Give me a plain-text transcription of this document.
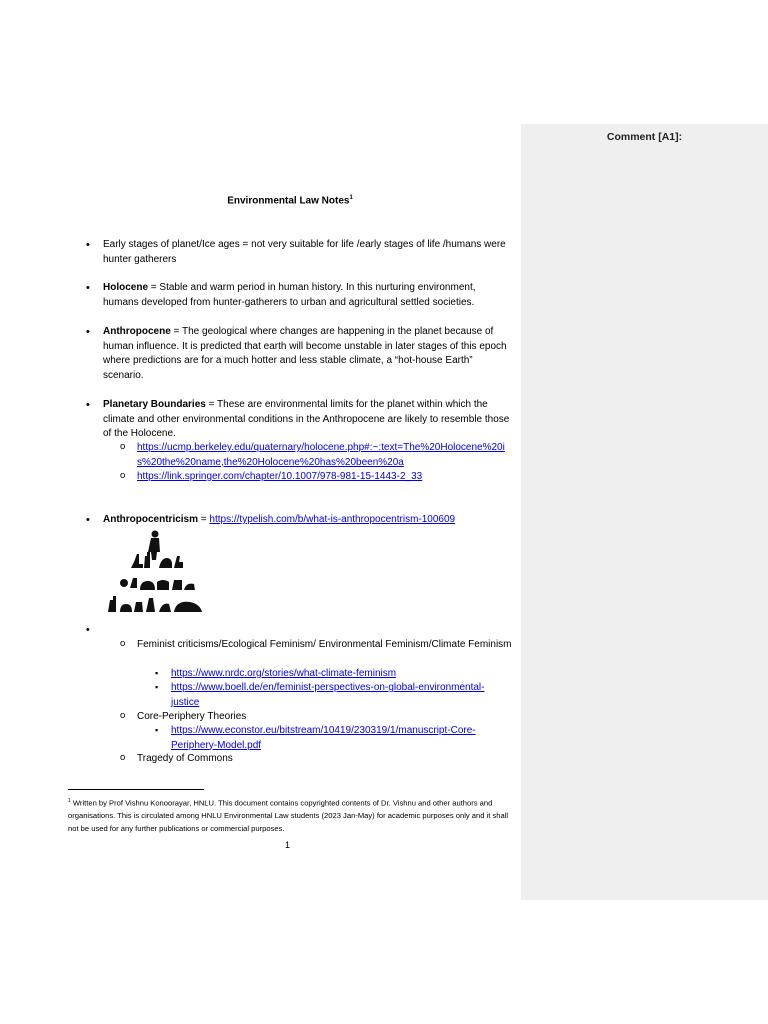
Environmental Law Notes$^1$
• Early stages of planet/Ice ages = not very suitable for life /early stages of life /humans were hunter gatherers
• Holocene = Stable and warm period in human history. In this nurturing environment, humans developed from hunter-gatherers to urban and agricultural settled societies.
• Anthropocene = The geological where changes are happening in the planet because of human influence. It is predicted that earth will become unstable in later stages of this epoch where predictions are for a much hotter and less stable climate, a “hot-house Earth” scenario.
• Planetary Boundaries = These are environmental limits for the planet within which the climate and other environmental conditions in the Anthropocene are likely to resemble those of the Holocene.
o https://ucmp.berkeley.edu/quaternary/holocene.php#:~:text=The%20Holocene%20is%20the%20name,the%20Holocene%20has%20been%20a
o https://link.springer.com/chapter/10.1007/978-981-15-1443-2_33
• Anthropocentricism = https://typelish.com/b/what-is-anthropocentrism-100609
o Feminist criticisms/Ecological Feminism/ Environmental Feminism/Climate Feminism
▪ https://www.nrdc.org/stories/what-climate-feminism
▪ https://www.boell.de/en/feminist-perspectives-on-global-environmental-justice
o Core-Periphery Theories
▪ https://www.econstor.eu/bitstream/10419/230319/1/manuscript-Core-Periphery-Model.pdf
o Tragedy of Commons
$^1$ Written by Prof Vishnu Konoorayar, HNLU. This document contains copyrighted contents of Dr. Vishnu and other authors and organisations. This is circulated among HNLU Environmental Law students (2023 Jan-May) for academic purposes only and it shall not be used for any further publications or commercial purposes.
1
Comment [A1]:
